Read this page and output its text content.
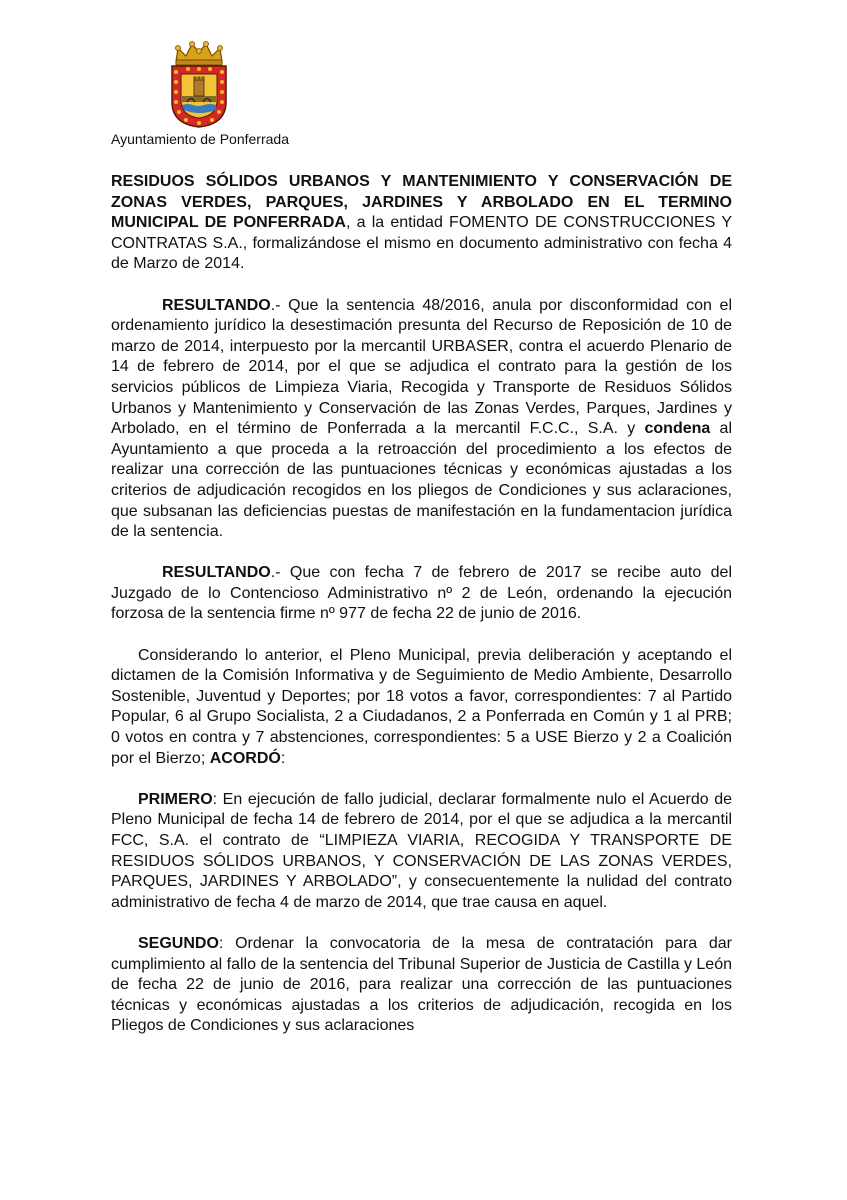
Ayuntamiento de Ponferrada

RESIDUOS SÓLIDOS URBANOS Y MANTENIMIENTO Y CONSERVACIÓN DE ZONAS VERDES, PARQUES, JARDINES Y ARBOLADO EN EL TERMINO MUNICIPAL DE PONFERRADA, a la entidad FOMENTO DE CONSTRUCCIONES Y CONTRATAS S.A., formalizándose el mismo en documento administrativo con fecha 4 de Marzo de 2014.

RESULTANDO.- Que la sentencia 48/2016, anula por disconformidad con el ordenamiento jurídico la desestimación presunta del Recurso de Reposición de 10 de marzo de 2014, interpuesto por la mercantil URBASER, contra el acuerdo Plenario de 14 de febrero de 2014, por el que se adjudica el contrato para la gestión de los servicios públicos de Limpieza Viaria, Recogida y Transporte de Residuos Sólidos Urbanos y Mantenimiento y Conservación de las Zonas Verdes, Parques, Jardines y Arbolado, en el término de Ponferrada a la mercantil F.C.C., S.A. y condena al Ayuntamiento a que proceda a la retroacción del procedimiento a los efectos de realizar una corrección de las puntuaciones técnicas y económicas ajustadas a los criterios de adjudicación recogidos en los pliegos de Condiciones y sus aclaraciones, que subsanan las deficiencias puestas de manifestación en la fundamentacion jurídica de la sentencia.

RESULTANDO.- Que con fecha 7 de febrero de 2017 se recibe auto del Juzgado de lo Contencioso Administrativo nº 2 de León, ordenando la ejecución forzosa de la sentencia firme nº 977 de fecha 22 de junio de 2016.

Considerando lo anterior, el Pleno Municipal, previa deliberación y aceptando el dictamen de la Comisión Informativa y de Seguimiento de Medio Ambiente, Desarrollo Sostenible, Juventud y Deportes; por 18 votos a favor, correspondientes: 7 al Partido Popular, 6 al Grupo Socialista, 2 a Ciudadanos, 2 a Ponferrada en Común y 1 al PRB; 0 votos en contra y 7 abstenciones, correspondientes: 5 a USE Bierzo y 2 a Coalición por el Bierzo; ACORDÓ:

PRIMERO: En ejecución de fallo judicial, declarar formalmente nulo el Acuerdo de Pleno Municipal de fecha 14 de febrero de 2014, por el que se adjudica a la mercantil FCC, S.A. el contrato de “LIMPIEZA VIARIA, RECOGIDA Y TRANSPORTE DE RESIDUOS SÓLIDOS URBANOS, Y CONSERVACIÓN DE LAS ZONAS VERDES, PARQUES, JARDINES Y ARBOLADO”, y consecuentemente la nulidad del contrato administrativo de fecha 4 de marzo de 2014, que trae causa en aquel.

SEGUNDO: Ordenar la convocatoria de la mesa de contratación para dar cumplimiento al fallo de la sentencia del Tribunal Superior de Justicia de Castilla y León de fecha 22 de junio de 2016, para realizar una corrección de las puntuaciones técnicas y económicas ajustadas a los criterios de adjudicación, recogida en los Pliegos de Condiciones y sus aclaraciones
